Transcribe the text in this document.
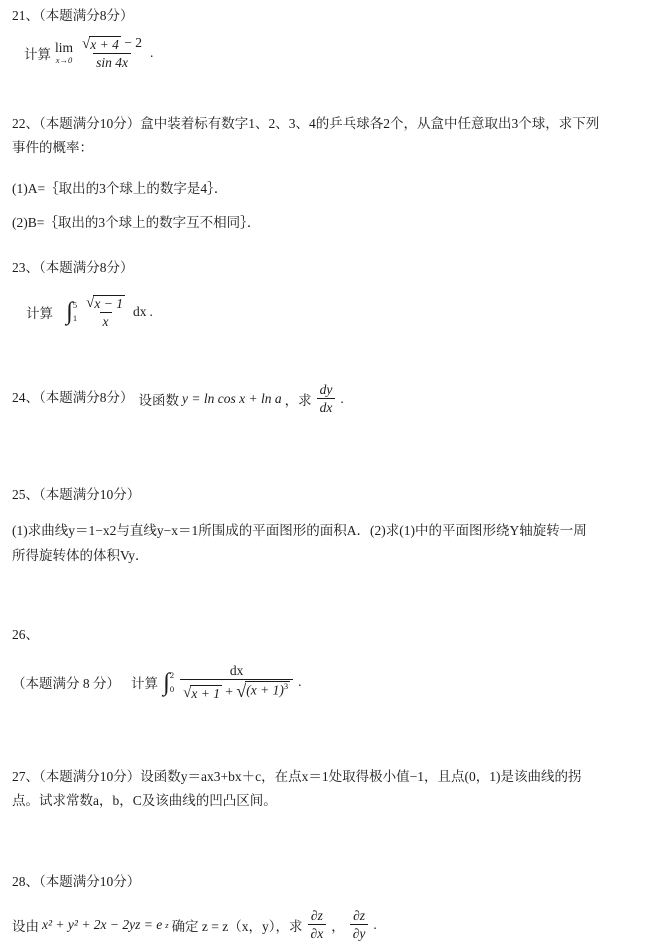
21、（本题满分8分）
计算 lim
$x\to 0 \frac{√ x + 4 - 2}{\sin 4x}$ .
22、（本题满分10分）盒中装着标有数字1、2、3、4的乒乓球各2个，从盒中任意取出3个球，求下列
事件的概率：
(1)A=｛取出的3个球上的数字是4｝．
(2)B=｛取出的3个球上的数字互不相同｝．
23、（本题满分8分）
计算 ∫ 5
$1 \frac{√ x - 1}{x}$ dx .
24、（本题满分8分） 设函数 y = ln cos x + ln a ，求 $\frac{dy}{dx}$ .
25、（本题满分10分）
(1)求曲线y＝1−x2与直线y−x＝1所围成的平面图形的面积A．(2)求(1)中的平面图形绕Y轴旋转一周
所得旋转体的体积Vy．
26、
（本题满分 8 分） 计算 ∫ 2
$0 \frac{dx}{√ x + 1 + √ (x + 1)^3}$ .
27、（本题满分10分）设函数y＝ax3+bx＋c，在点x＝1处取得极小值−1，且点(0，1)是该曲线的拐
点。试求常数a，b，C及该曲线的凹凸区间。
28、（本题满分10分）
设由 x² + y² + 2x − 2yz = e z 确定 z = z（x，y），求 $\frac{\partial z}{\partial x}$ ， $\frac{\partial z}{\partial y}$ .
